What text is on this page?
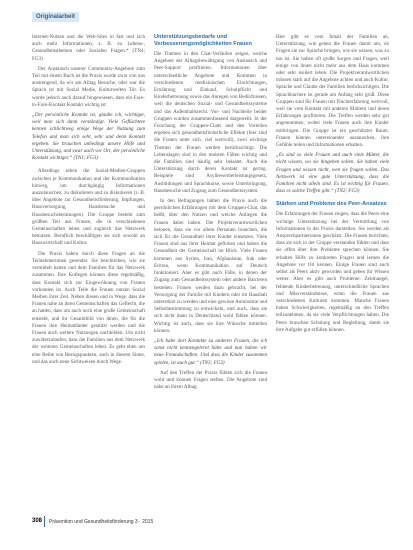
Originalarbeit

Internet-Nutzen und die Web-Sites in fast und sich auch mehr Informationen, z. B. zu Lebens-, Gesundheitsthemen oder Sozialen Fragen.* (TN4; FG3)

Der Austausch unserer Community-Angebote zum Teil mit einem Buch ist die Praxis wurde zwar von uns anstrengend, da wir am Alltag Besuche, oder war die Sprach ist mit Sozial Medie, Kulturwelten Tür. Es wurde jedoch auch darauf hingewiesen, dass ein Face-to-Face-Kontakt Kontakt wichtig ist:

„Der persönliche Kontakt ist, glaube ich, wichtiger, weil man sich dann verständigt. Viele Geflüchtete kennen schlichtweg einige Wege der Nutzung zum Telefon und man sich sehr, sehr und denn Kontakt ergeben. Sie brauchen unbedingt unsere Hilfe und Unterstützung, und zwar auch vor Ort, der persönliche Kontakt wichtiger.“ (TN1; FG3)

Allerdings sehen die Sozial-Medien-Gruppen zwischen je Kommunikation und der Kommunikation hinweg, um durchgängig Informationen auszutauschen, zu diskutieren und zu diskutieren (z. B. über Angebote zur Gesundheitsförderung, Impfungen, Hausversorgung, Hausbesuche und Hausbesuchsberatungen). Die Gruppe besteht zum größten Teil aus Frauen, die in verschiedenen Gemeinschaften leben und zugleich das Netzwerk benutzen. Beruflich beschäftigen sie sich sowohl an Hauswirtschaft und Kultur.

Die Praxis haben durch diese Fragen an die Teilnehmerinnen gesendet. Sie beschreiben, wie sie vermittelt hatten und dem Familien für das Netzwerk zusammen. Ihre Kollegen können diese regelmäßig, dass Kontakt sich zur Eingewöhnung von Frauen vorhanden ist. Auch Teile die Frauen nutzen Sozial Medien ihrer Zeit. Neben diesen und in Wege, dass die Frauen nahe an ihren Gemeinschaften das Geflecht, die an hatten, dass um auch noch eine große Gemeinschaft entsteht, und ihr Gesamtbild von ihnen, die für die Frauen ihre Heimatländer gestützt werden und die Frauen auch weitere Nutzungen nachbilden. Um nicht zuwiderzulaufen, dass die Familien aus dem Netzwerk der weiteren Gemeinschaften leben. Es geht eben um eine Reihe von Bezugspunkten, auch in diesem Sinne, und das auch neue Sichtweisen durch Wege.

Unterstützungsbedarfe und Verbesserungsmöglichkeiten Frauen

Die Themen in den Chat-Verläufen zeigen, welche Angebote der Alltagsbewältigung von Austausch und Peer-Support profitieren. Informationen über unterschiedliche Angebote und Kommen in verschiedenen medizinischen Einrichtungen, Ernährung und Einkauf, Schulpflicht und Kinderbetreuung sowie das Anregen von Bedürfnissen, weil die deutschen Sozial- und Gesundheitssysteme und das Aufenthaltsrecht. Vor- und Nachteile beider Gruppen wurden zusammenfassend dargestellt. In der Forschung der Gruppen-Chats und den Vorteilen ergeben sich gesundheitsförderliche Effekte (hier sind die Frauen unter sich, viel wertvoll), zwei wichtige Themen der Frauen werden berücksichtigt. Die Lebenslagen sind in den meisten Fällen wichtig und die Familien sind häufig sehr belastet. Auch die Unterstützung durch deren Kontakt ist gering. Beispiele sind Asylbewerberleistungsgesetz, Ausbildungen und Sprachkurse, sowie Unterbringung, Hausbesuche und Zugang zum Gesundheitssystem.

In den Befragungen hätten die Praxis auch die persönlichen Erfahrungen mit dem Gruppen-Chat, das heißt, über den Nutzen und welche Anliegen die Frauen dabei haben. Die Projektverantwortlichen betonen, dass sie vor allem Personen brauchen, die sich für die Gesundheit ihrer Kinder einsetzen. Viele Frauen sind aus ihrer Heimat geflohen und haben die Gesundheit der Gemeinschaft im Blick. Viele Frauen kommen aus Syrien, Iran, Afghanistan, Irak oder Eritrea, wenn Kommunikation auf Deutsch funktioniert. Aber es gibt auch Fälle, in denen der Zugang zum Gesundheitssystem oder andere Barrieren bestehen. Frauen werden dazu gebracht, bei der Versorgung der Familie mit Kindern oder im Haushalt unterstützt zu werden und eine gewisse Autonomie und Selbstbestimmung zu entwickeln, und auch, dass sie sich nicht dann in Deutschland wohl fühlen können. Wichtig ist auch, dass sie ihre Wünsche mitteilen können.

„Ich habe dort Kontakte zu anderen Frauen, die ich sonst nicht kennengelernt hätte und nun haben wir neue Freundschaften. Und dass die Kinder zusammen spielen, ist auch gut.“ (TN3; FG3)

Auf den Treffen der Praxis fühlen sich die Frauen wohl und können Fragen stellen. Die Angebote sind nahe an ihrem Alltag.

Hier gibt es vom Inhalt der Familien an, Unterstützung, wie gehen die Frauen damit um, ob Fragen sie zur Sprache bringen, wie sie wissen, was zu tun ist. Sie haben oft große Sorgen und Fragen, weil einige von ihnen nicht mehr aus dem Haus kommen oder sehr isoliert leben. Die Projektverantwortlichen müssen stark auf die Angebote achten und auch Kultur, Sprache und Glaube der Familien berücksichtigen. Die Sprachbarriere ist gerade am Anfang sehr groß. Diese Gruppen sind für Frauen mit Fluchterfahrung wertvoll, weil sie vom Kontakt mit anderen Müttern und deren Erfahrungen profitieren. Die Treffen werden sehr gut angenommen, wobei viele Frauen auch ihre Kinder mitbringen. Die Gruppe ist ein geschützter Raum. Frauen können untereinander austauschen, ihre Gefühle teilen und Informationen erhalten.

„Es sind so viele Frauen und auch viele Mütter, die nicht wissen, wo sie hingehen sollen. Sie haben viele Fragen und wissen nicht, wen sie fragen sollen. Das Netzwerk ist eine gute Unterstützung, dass die Familien nicht allein sind. Es ist wichtig für Frauen, dass es solche Treffen gibt.“ (TN2; FG3)

Stärken und Probleme des Peer-Ansatzes

Die Erfahrungen der Frauen zeigen, dass die Peers eine wichtige Unterstützung bei der Vermittlung von Informationen in der Praxis darstellen. Sie werden als Ansprechpartnerinnen geschätzt. Die Frauen berichten, dass sie sich in der Gruppe verstanden fühlen und dass sie offen über ihre Probleme sprechen können. Sie erhalten Hilfe zu konkreten Fragen und lernen die Angebote vor Ort kennen. Einige Frauen sind auch selbst als Peers aktiv geworden und geben ihr Wissen weiter. Aber es gibt auch Probleme: Zeitmangel, fehlende Kinderbetreuung, unterschiedliche Sprachen und Missverständnisse, wenn die Frauen aus verschiedenen Kulturen kommen. Manche Frauen haben Schwierigkeiten, regelmäßig an den Treffen teilzunehmen, da sie viele Verpflichtungen haben. Die Peers brauchen Schulung und Begleitung, damit sie ihre Aufgabe gut erfüllen können.

308 Prävention und Gesundheitsförderung 3 · 2015
